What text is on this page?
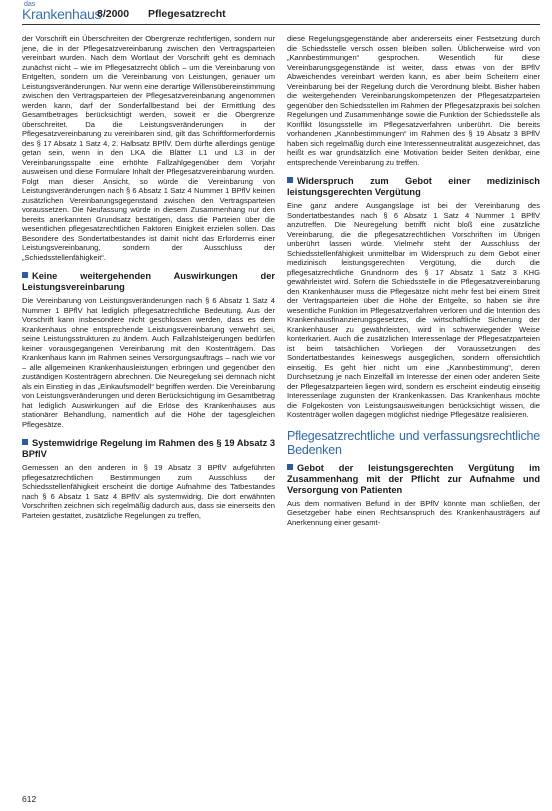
das
Krankenhaus
8/2000 Pflegesatzrecht

der Vorschrift ein Überschreiten der Obergrenze rechtfertigen, sondern nur jene, die in der Pflegesatzvereinbarung zwischen den Vertragsparteien vereinbart wurden. Nach dem Wortlaut der Vorschrift geht es demnach zunächst nicht – wie im Pflegesatzrecht üblich – um die Vereinbarung von Entgelten, sondern um die Vereinbarung von Leistungen, genauer um Leistungsveränderungen. Nur wenn eine derartige Willensübereinstimmung zwischen den Vertragsparteien der Pflegesatzvereinbarung angenommen werden kann, darf der Sonderfallbestand bei der Ermittlung des Gesamtbetrages berücksichtigt werden, soweit er die Obergrenze überschreitet. Da die Leistungsveränderungen in der Pflegesatzvereinbarung zu vereinbaren sind, gilt das Schriftformerfordernis des § 17 Absatz 1 Satz 4, 2. Halbsatz BPflV. Dem dürfte allerdings genüge getan sein, wenn in den LKA die Blätter L1 und L3 in der Vereinbarungsspalte eine erhöhte Fallzahlgegenüber dem Vorjahr ausweisen und diese Formulare Inhalt der Pflegesatzvereinbarung wurden. Folgt man dieser Ansicht, so würde die Vereinbarung von Leistungsveränderungen nach § 6 Absatz 1 Satz 4 Nummer 1 BPflV keinen zusätzlichen Vereinbarungsgegenstand zwischen den Vertragsparteien voraussetzen. Die Neufassung würde in diesem Zusammenhang nur den bereits anerkannten Grundsatz bestätigen, dass die Parteien über die wesentlichen pflegesatzrechtlichen Faktoren Einigkeit erzielen sollen. Das Besondere des Sondertatbestandes ist damit nicht das Erfordernis einer Leistungsvereinbarung, sondern der Ausschluss der „Schiedsstellenfähigkeit“.

Keine weitergehenden Auswirkungen der Leistungsvereinbarung

Die Vereinbarung von Leistungsveränderungen nach § 6 Absatz 1 Satz 4 Nummer 1 BPflV hat lediglich pflegesatzrechtliche Bedeutung. Aus der Vorschrift kann insbesondere nicht geschlossen werden, dass es dem Krankenhaus ohne entsprechende Leistungsvereinbarung verwehrt sei, seine Leistungsstrukturen zu ändern. Auch Fallzahlsteigerungen bedürfen keiner vorausgegangenen Vereinbarung mit den Kostenträgern. Das Krankenhaus kann im Rahmen seines Versorgungsauftrags – nach wie vor – alle allgemeinen Krankenhausleistungen erbringen und gegenüber den zuständigen Kostenträgern abrechnen. Die Neuregelung sei demnach nicht als ein Einstieg in das „Einkaufsmodell“ begriffen werden. Die Vereinbarung von Leistungsveränderungen und deren Berücksichtigung im Gesamtbetrag hat lediglich Auswirkungen auf die Erlöse des Krankenhauses aus stationärer Behandlung, namentlich auf die Höhe der tagesgleichen Pflegesätze.

Systemwidrige Regelung im Rahmen des § 19 Absatz 3 BPflV

Gemessen an den anderen in § 19 Absatz 3 BPflV aufgeführten pflegesatzrechtlichen Bestimmungen zum Ausschluss der Schiedsstellenfähigkeit erscheint die dortige Aufnahme des Tatbestandes nach § 6 Absatz 1 Satz 4 BPflV als systemwidrig. Die dort erwähnten Vorschriften zeichnen sich regelmäßig dadurch aus, dass sie einerseits den Parteien gestattet, zusätzliche Regelungen zu treffen,

diese Regelungsgegenstände aber andererseits einer Festsetzung durch die Schiedsstelle versch ossen bleiben sollen. Üblicherweise wird von „Kannbestimmungen“ gesprochen. Wesentlich für diese Vereinbarungsgegenstände ist weiter, dass etwas von der BPflV Abweichendes vereinbart werden kann, es aber beim Scheitern einer Vereinbarung bei der Regelung durch die Verordnung bleibt. Bisher haben die weitergehenden Vereinbarungskompetenzen der Pflegesatzparteien gegenüber den Schiedsstellen im Rahmen der Pflegesatzpraxis bei solchen Regelungen und Zusammenhänge sowie die Funktion der Schiedsstelle als Konflikt lösungsstelle im Pflegesatzverfahren unberührt. Die bereits vorhandenen „Kannbestimmungen“ im Rahmen des § 19 Absatz 3 BPflV haben sich regelmäßig durch eine Interessenneutralität ausgezeichnet, das heißt es war grundsätzlich eine Motivation beider Seiten denkbar, eine entsprechende Vereinbarung zu treffen.

Widerspruch zum Gebot einer medizinisch leistungsgerechten Vergütung

Eine ganz andere Ausgangslage ist bei der Vereinbarung des Sondertatbestandes nach § 6 Absatz 1 Satz 4 Nummer 1 BPflV anzutreffen. Die Neuregelung betrifft nicht bloß eine zusätzliche Vereinbarung, die die pflegesatzrechtlichen Vorschriften im Übrigen unberührt lassen würde. Vielmehr steht der Ausschluss der Schiedsstellenfähigkeit unmittelbar im Widerspruch zu dem Gebot einer medizinisch leistungsgerechten Vergütung, die durch die pflegesatzrechtliche Grundnorm des § 17 Absatz 1 Satz 3 KHG gewährleistet wird. Sofern die Schiedsstelle in die Pflegesatzvereinbarung den Krankenhäuser muss die Pflegesätze nicht mehr fest bei einem Streit der Vertragsparteien über die Höhe der Entgelte, so haben sie ihre wesentliche Funktion im Pflegesatzverfahren verloren und die Intention des Krankenhausfinanzierungsgesetzes, die wirtschaftliche Sicherung der Krankenhäuser zu gewährleisten, wird in schwerwiegender Weise konterkariert. Auch die zusätzlichen Interessenlage der Pflegesatzparteien ist beim tatsächlichen Vorliegen der Voraussetzungen des Sondertatbestandes keineswegs ausgeglichen, sondern offensichtlich einseitig. Es geht hier nicht um eine „Kannbestimmung“, deren Durchsetzung je nach Einzelfall im Interesse der einen oder anderen Seite der Pflegesatzparteien liegen wird, sondern es erscheint eindeutig einseitig Interessenlage zugunsten der Krankenkassen. Das Krankenhaus möchte die Folgekosten von Leistungsausweitungen berücksichtigt wissen, die Kostenträger wollen dagegen möglichst niedrige Pflegesätze realisieren.

Pflegesatzrechtliche und verfassungsrechtliche Bedenken
Gebot der leistungsgerechten Vergütung im Zusammenhang mit der Pflicht zur Aufnahme und Versorgung von Patienten

Aus dem normativen Befund in der BPflV könnte man schließen, der Gesetzgeber habe einen Rechtsanspruch des Krankenhausträgers auf Anerkennung einer gesamt-

612
